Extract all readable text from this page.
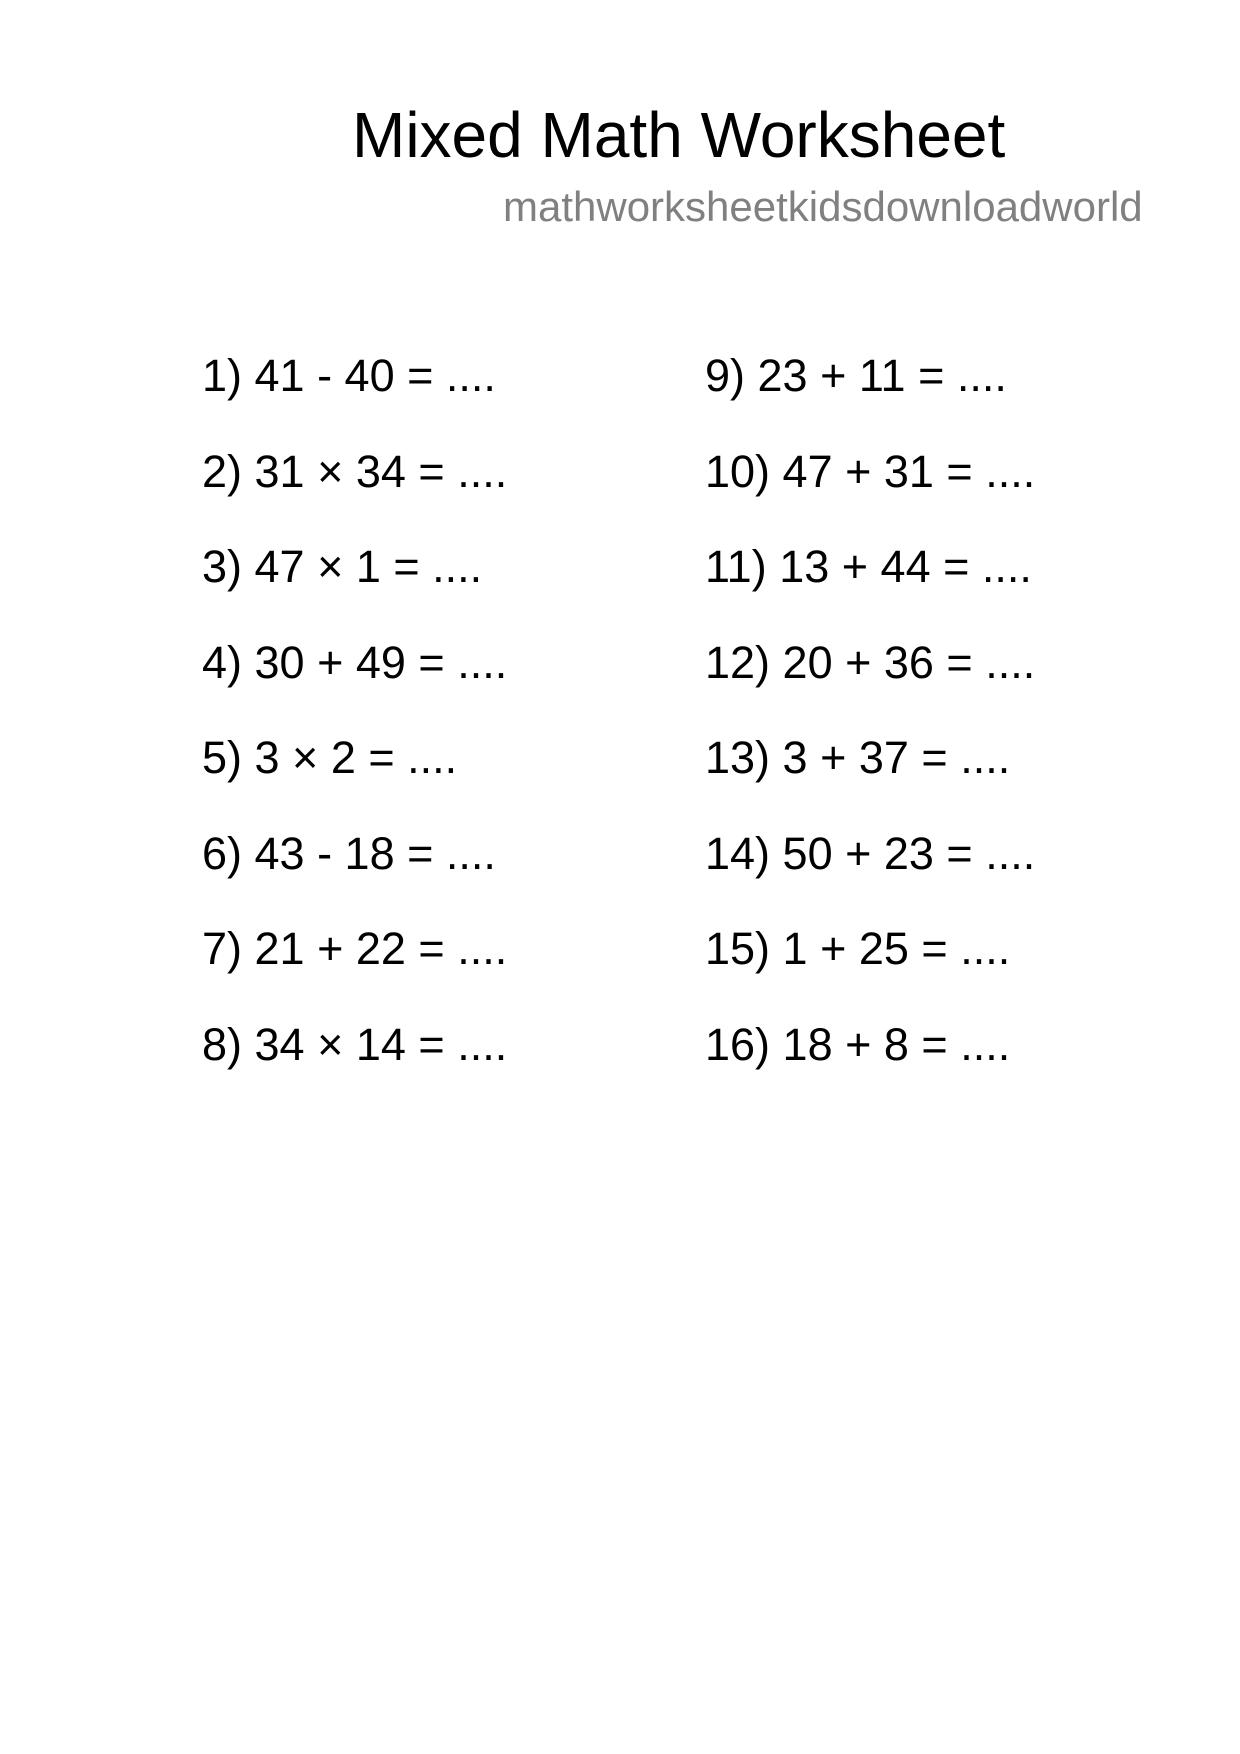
Mixed Math Worksheet
mathworksheetkidsdownloadworld
1) 41 - 40 = ....
2) 31 × 34 = ....
3) 47 × 1 = ....
4) 30 + 49 = ....
5) 3 × 2 = ....
6) 43 - 18 = ....
7) 21 + 22 = ....
8) 34 × 14 = ....
9) 23 + 11 = ....
10) 47 + 31 = ....
11) 13 + 44 = ....
12) 20 + 36 = ....
13) 3 + 37 = ....
14) 50 + 23 = ....
15) 1 + 25 = ....
16) 18 + 8 = ....
